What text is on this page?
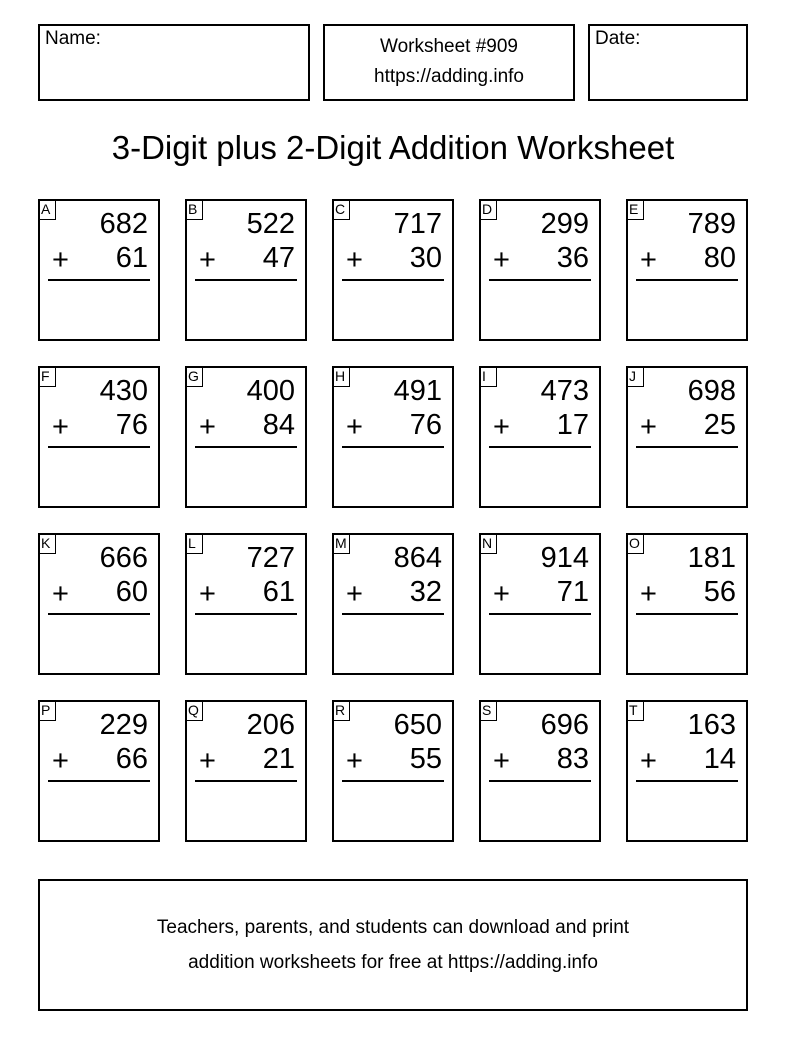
Name:	Worksheet #909
https://adding.info
Date:
3-Digit plus 2-Digit Addition Worksheet
A 682
+ 61
B 522
+ 47
C 717
+ 30
D 299
+ 36
E 789
+ 80
F 430
+ 76
G 400
+ 84
H 491
+ 76
I	473
+ 17
J 698
+ 25
K 666
+ 60
L 727
+ 61
M 864
+ 32
N 914
+ 71
O 181
+ 56
P 229
+ 66
Q 206
+ 21
R 650
+ 55
S 696
+ 83
T 163
+ 14
Teachers, parents, and students can download and print
addition worksheets for free at https://adding.info
